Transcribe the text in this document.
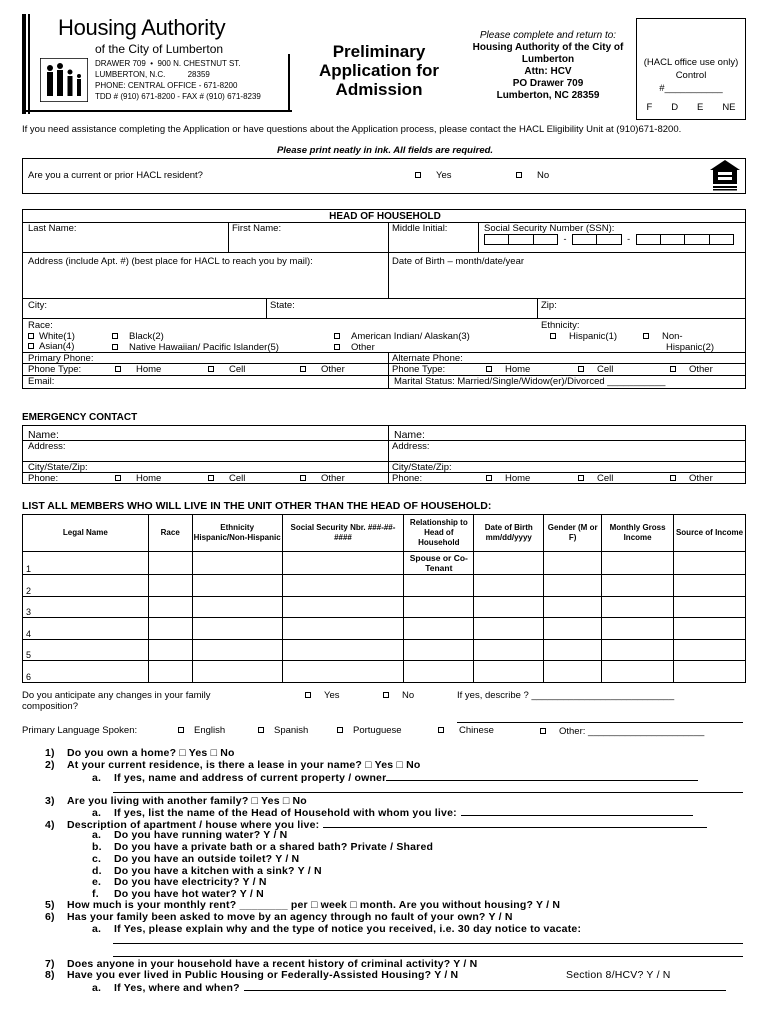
Housing Authority
of the City of Lumberton
DRAWER 709  •  900 N. CHESTNUT ST.
LUMBERTON, N.C.          28359
PHONE: CENTRAL OFFICE - 671-8200
TDD # (910) 671-8200 - FAX # (910) 671-8239
Preliminary
Application for
Admission
Please complete and return to:
Housing Authority of the City of Lumberton
Attn: HCV
PO Drawer 709
Lumberton, NC 28359
(HACL office use only)
Control
#___________
F D E NE
If you need assistance completing the Application or have questions about the Application process, please contact the HACL Eligibility Unit at (910)671-8200.
Please print neatly in ink. All fields are required.
Are you a current or prior HACL resident?	Yes	No
HEAD OF HOUSEHOLD
Last Name:	First Name:	Middle Initial:	Social Security Number (SSN):
-	-
Address (include Apt. #) (best place for HACL to reach you by mail):	Date of Birth – month/date/year
City:	State:	Zip:
Race:
White(1)
Asian(4)
Black(2)
Native Hawaiian/ Pacific Islander(5)
American Indian/ Alaskan(3)
Other
Ethnicity:
Hispanic(1)	Non-
Hispanic(2)
Primary Phone:	Alternate Phone:
Phone Type:	Home	Cell	Other	Phone Type:	Home	Cell	Other
Email:	Marital Status: Married/Single/Widow(er)/Divorced ___________
EMERGENCY CONTACT
Name:	Name:
Address:	Address:
City/State/Zip:	City/State/Zip:
Phone:	Home	Cell	Other	Phone:	Home	Cell	Other
LIST ALL MEMBERS WHO WILL LIVE IN THE UNIT OTHER THAN THE HEAD OF HOUSEHOLD:
Legal Name	Race	Ethnicity Hispanic/Non-Hispanic	Social Security Nbr. ###-##-####	Relationship to Head of Household	Date of Birth mm/dd/yyyy	Gender (M or F)	Monthly Gross Income	Source of Income
1				Spouse or Co-Tenant				
2								
3								
4								
5								
6								
Do you anticipate any changes in your family composition?
Yes	No	If yes, describe ? ___________________________
Primary Language Spoken:	English	Spanish	Portuguese	Chinese	Other: ______________________
1) Do you own a home? □ Yes □ No
2) At your current residence, is there a lease in your name? □ Yes □ No
a. If yes, name and address of current property / owner
3) Are you living with another family? □ Yes □ No
a. If yes, list the name of the Head of Household with whom you live:
4) Description of apartment / house where you live:
a. Do you have running water? Y / N
b. Do you have a private bath or a shared bath? Private / Shared
c. Do you have an outside toilet? Y / N
d. Do you have a kitchen with a sink? Y / N
e. Do you have electricity? Y / N
f. Do you have hot water? Y / N
5) How much is your monthly rent? ________ per □ week □ month. Are you without housing? Y / N
6) Has your family been asked to move by an agency through no fault of your own? Y / N
a. If Yes, please explain why and the type of notice you received, i.e. 30 day notice to vacate:
7) Does anyone in your household have a recent history of criminal activity? Y / N
8) Have you ever lived in Public Housing or Federally-Assisted Housing? Y / N	Section 8/HCV? Y / N
a. If Yes, where and when?
